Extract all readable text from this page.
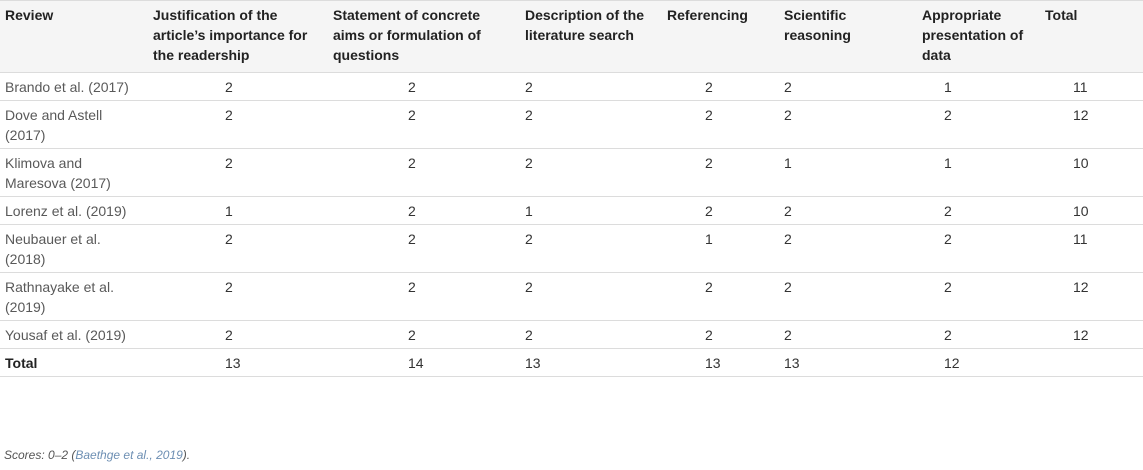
Review	Justification of the article’s importance for the readership	Statement of concrete aims or formulation of questions	Description of the literature search	Referencing	Scientific reasoning	Appropriate presentation of data	Total
Brando et al. (2017)	2	2	2	2	2	1	11
Dove and Astell (2017)	2	2	2	2	2	2	12
Klimova and Maresova (2017)	2	2	2	2	1	1	10
Lorenz et al. (2019)	1	2	1	2	2	2	10
Neubauer et al. (2018)	2	2	2	1	2	2	11
Rathnayake et al. (2019)	2	2	2	2	2	2	12
Yousaf et al. (2019)	2	2	2	2	2	2	12
Total	13	14	13	13	13	12	
Scores: 0–2 (Baethge et al., 2019).
